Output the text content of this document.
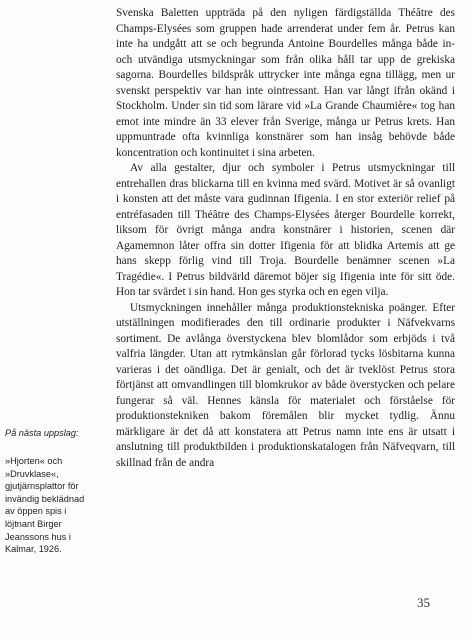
Svenska Baletten uppträda på den nyligen färdigställda Théâtre des Champs-Elysées som gruppen hade arrenderat under fem år. Petrus kan inte ha undgått att se och begrunda Antoine Bourdelles många både in- och utvändiga utsmyckningar som från olika håll tar upp de grekiska sagorna. Bourdelles bildspråk uttrycker inte många egna tillägg, men ur svenskt perspektiv var han inte ointressant. Han var långt ifrån okänd i Stockholm. Under sin tid som lärare vid »La Grande Chaumière« tog han emot inte mindre än 33 elever från Sverige, många ur Petrus krets. Han uppmuntrade ofta kvinnliga konstnärer som han insåg behövde både koncentration och kontinuitet i sina arbeten.

Av alla gestalter, djur och symboler i Petrus utsmyckningar till entrehallen dras blickarna till en kvinna med svärd. Motivet är så ovanligt i konsten att det måste vara gudinnan Ifigenia. I en stor exteriör relief på entréfasaden till Théâtre des Champs-Elysées återger Bourdelle korrekt, liksom för övrigt många andra konstnärer i historien, scenen där Agamemnon låter offra sin dotter Ifigenia för att blidka Artemis att ge hans skepp förlig vind till Troja. Bourdelle benämner scenen »La Tragédie«. I Petrus bildvärld däremot böjer sig Ifigenia inte för sitt öde. Hon tar svärdet i sin hand. Hon ges styrka och en egen vilja.

Utsmyckningen innehåller många produktionstekniska poänger. Efter utställningen modifierades den till ordinarie produkter i Näfvekvarns sortiment. De avlånga överstyckena blev blomlådor som erbjöds i två valfria längder. Utan att rytmkänslan går förlorad tycks lösbitarna kunna varieras i det oändliga. Det är genialt, och det är tveklöst Petrus stora förtjänst att omvandlingen till blomkrukor av både överstycken och pelare fungerar så väl. Hennes känsla för materialet och förståelse för produktionstekniken bakom föremålen blir mycket tydlig. Ännu märkligare är det då att konstatera att Petrus namn inte ens är utsatt i anslutning till produktbilden i produktionskatalogen från Näfveqvarn, till skillnad från de andra

På nästa uppslag:
»Hjorten« och »Druvklase«, gjutjärnsplattor för invändig beklädnad av öppen spis i löjtnant Birger Jeanssons hus i Kalmar, 1926.
35
